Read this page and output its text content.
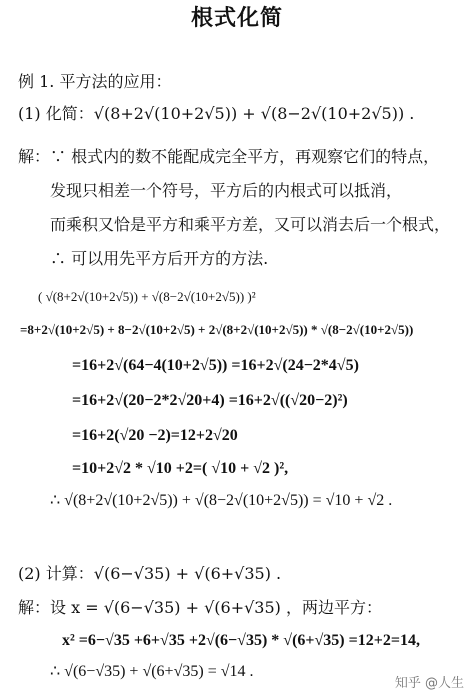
根式化简
例 1. 平方法的应用：
(1) 化简：√(8+2√(10+2√5)) + √(8−2√(10+2√5)) .
解：∵ 根式内的数不能配成完全平方，再观察它们的特点，
发现只相差一个符号，平方后的内根式可以抵消，
而乘积又恰是平方和乘平方差，又可以消去后一个根式，
∴ 可以用先平方后开方的方法.
( √(8+2√(10+2√5)) + √(8−2√(10+2√5)) )²
=8+2√(10+2√5) + 8−2√(10+2√5) + 2√(8+2√(10+2√5)) * √(8−2√(10+2√5))
=16+2√(64−4(10+2√5)) =16+2√(24−2*4√5)
=16+2√(20−2*2√20+4) =16+2√((√20−2)²)
=16+2(√20 −2)=12+2√20
=10+2√2 * √10 +2=( √10 + √2 )²,
∴ √(8+2√(10+2√5)) + √(8−2√(10+2√5)) = √10 + √2 .
(2) 计算：√(6−√35) + √(6+√35) .
解：设 x = √(6−√35) + √(6+√35) ，两边平方：
x² =6−√35 +6+√35 +2√(6−√35) * √(6+√35) =12+2=14,
∴ √(6−√35) + √(6+√35) = √14 .
知乎 @人生
